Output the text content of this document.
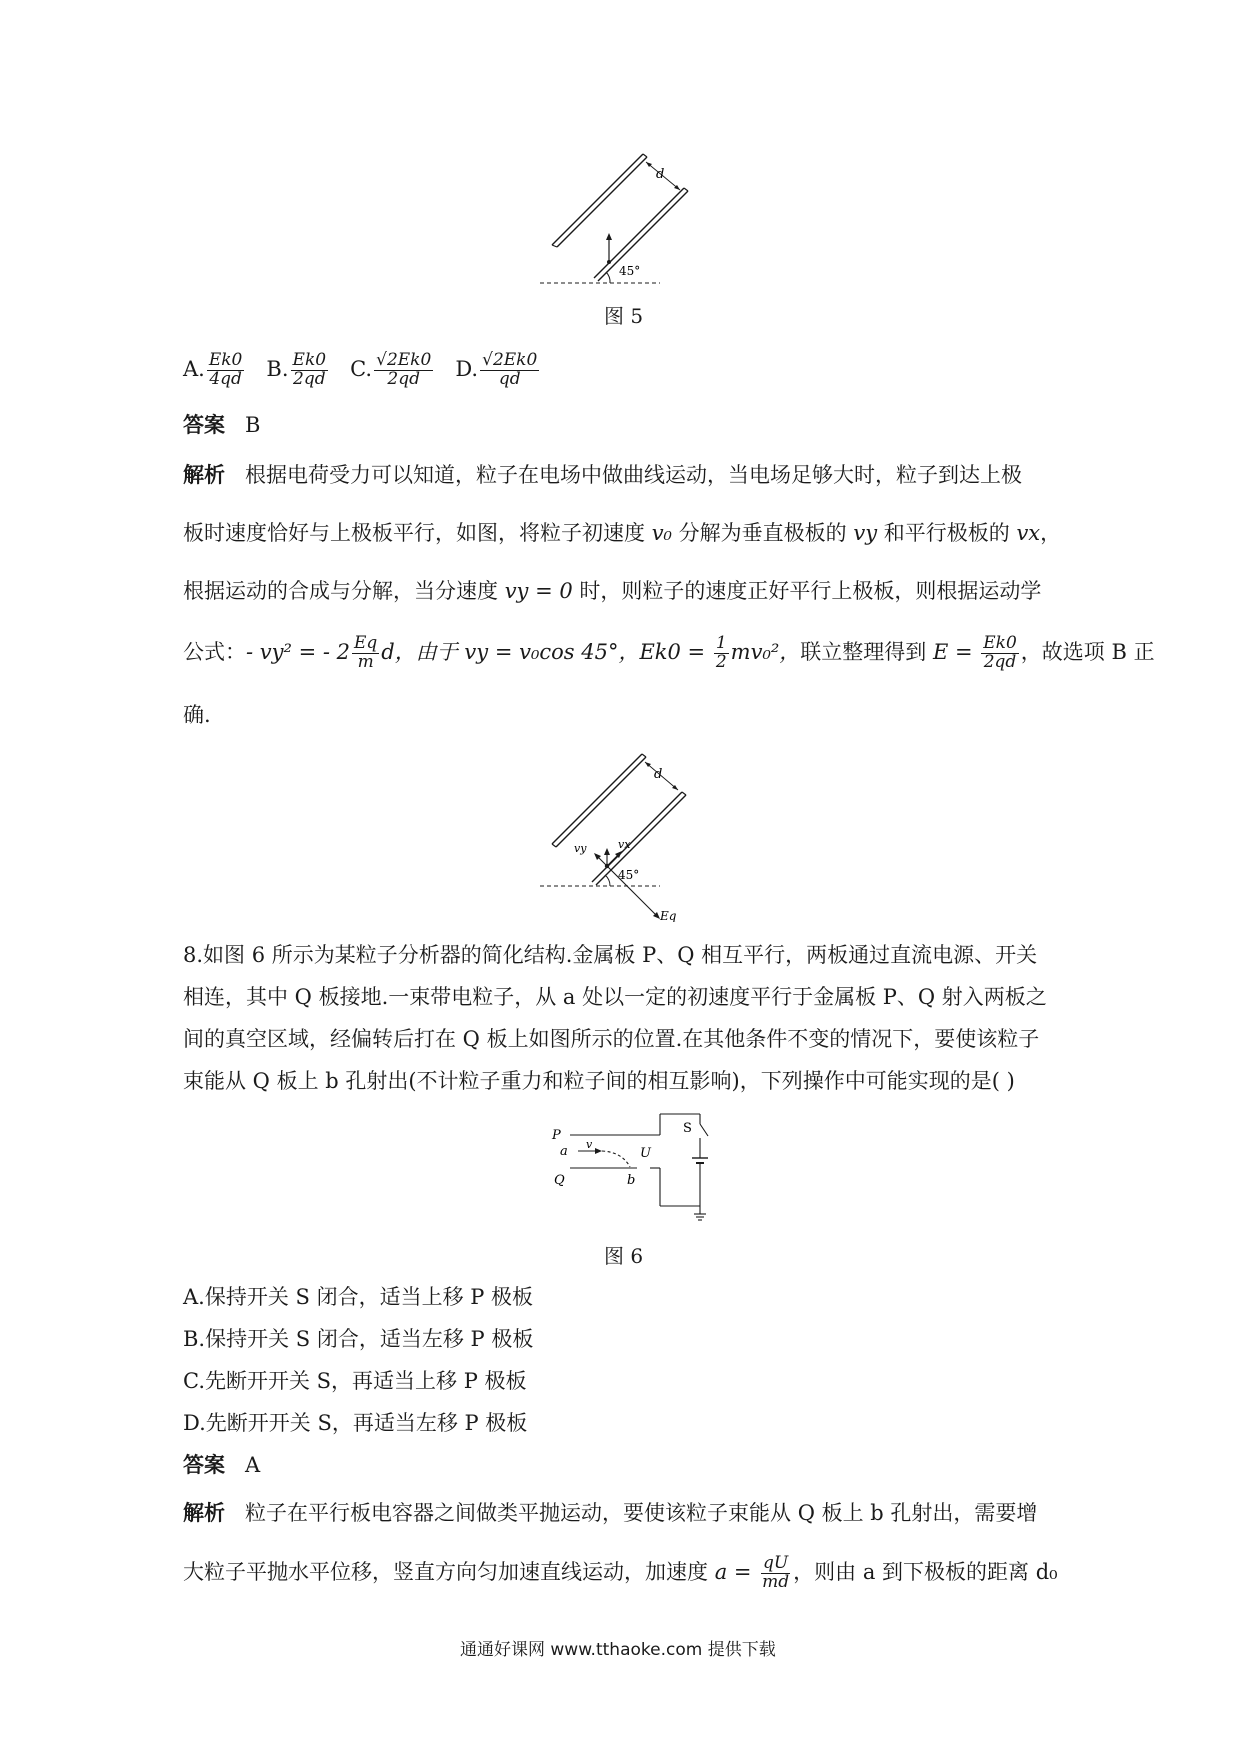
d
45°
图 5
A. $\frac{Ek0}{4qd} B$. $\frac{Ek0}{2qd} C$. $\frac{√2Ek0}{2qd} D$. $\frac{√2Ek0}{qd}$
答案 B
解析 根据电荷受力可以知道，粒子在电场中做曲线运动，当电场足够大时，粒子到达上极
板时速度恰好与上极板平行，如图，将粒子初速度 v₀ 分解为垂直极板的 vy 和平行极板的 vx，
根据运动的合成与分解，当分速度 vy = 0 时，则粒子的速度正好平行上极板，则根据运动学
公式：- vy² = - $2 \frac{Eq}{m}$ d，由于 vy = v₀cos 45°，$Ek0 = \frac{1}{2} mv_0^2$，联立整理得到 $E = \frac{Ek0}{2qd}$ ，故选项 B 正
确.
d
vy	vx
45°
Eq
8.如图 6 所示为某粒子分析器的简化结构.金属板 P、Q 相互平行，两板通过直流电源、开关
相连，其中 Q 板接地.一束带电粒子，从 a 处以一定的初速度平行于金属板 P、Q 射入两板之
间的真空区域，经偏转后打在 Q 板上如图所示的位置.在其他条件不变的情况下，要使该粒子
束能从 Q 板上 b 孔射出(不计粒子重力和粒子间的相互影响)，下列操作中可能实现的是( )
P
a v
U
S
Q	b
图 6
A.保持开关 S 闭合，适当上移 P 极板
B.保持开关 S 闭合，适当左移 P 极板
C.先断开开关 S，再适当上移 P 极板
D.先断开开关 S，再适当左移 P 极板
答案 A
解析 粒子在平行板电容器之间做类平抛运动，要使该粒子束能从 Q 板上 b 孔射出，需要增
大粒子平抛水平位移，竖直方向匀加速直线运动，加速度 $a = \frac{qU}{md}$ ，则由 a 到下极板的距离 d₀
通通好课网 www.tthaoke.com 提供下载
